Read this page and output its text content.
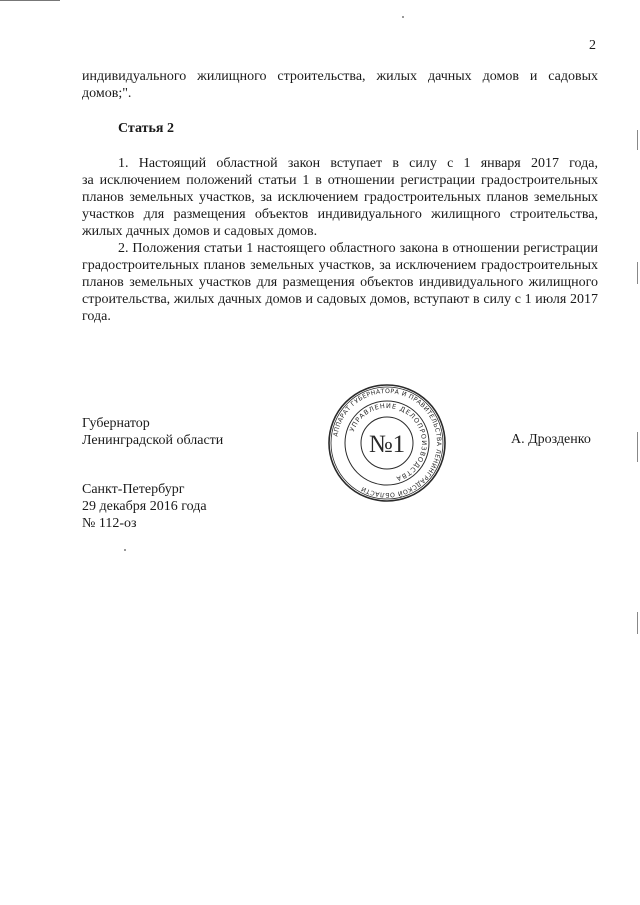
2

индивидуального жилищного строительства, жилых дачных домов и садовых домов;".

Статья 2

1. Настоящий областной закон вступает в силу с 1 января 2017 года,

за исключением положений статьи 1 в отношении регистрации градостроительных планов земельных участков, за исключением градостроительных планов земельных участков для размещения объектов индивидуального жилищного строительства, жилых дачных домов и садовых домов.

2. Положения статьи 1 настоящего областного закона в отношении регистрации градостроительных планов земельных участков, за исключением градостроительных планов земельных участков для размещения объектов индивидуального жилищного строительства, жилых дачных домов и садовых домов, вступают в силу с 1 июля 2017 года.

Губернатор
Ленинградской области	А. Дрозденко
АППАРАТ ГУБЕРНАТОРА И ПРАВИТЕЛЬСТВА ЛЕНИНГРАДСКОЙ ОБЛАСТИ
УПРАВЛЕНИЕ ДЕЛОПРОИЗВОДСТВА
№1
Санкт-Петербург
29 декабря 2016 года
№ 112-оз
